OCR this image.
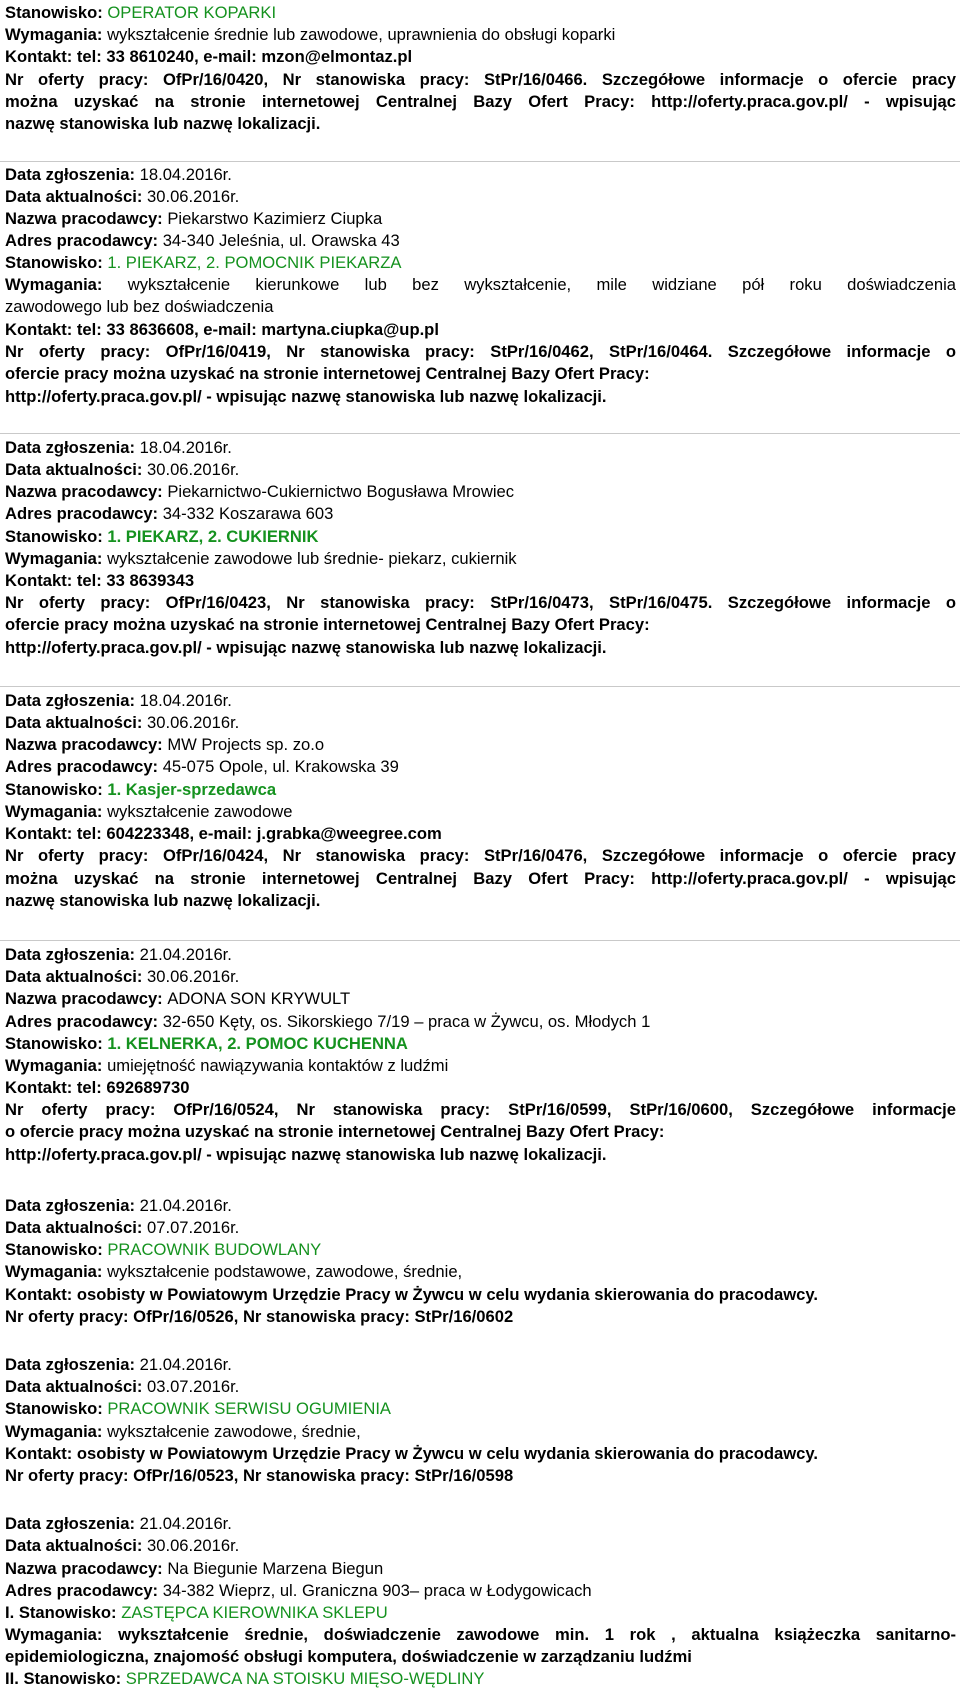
Stanowisko: OPERATOR KOPARKI
Wymagania: wykształcenie średnie lub zawodowe, uprawnienia do obsługi koparki
Kontakt: tel: 33 8610240, e-mail: mzon@elmontaz.pl
Nr oferty pracy: OfPr/16/0420, Nr stanowiska pracy: StPr/16/0466. Szczegółowe informacje o ofercie pracy
można uzyskać na stronie internetowej Centralnej Bazy Ofert Pracy: http://oferty.praca.gov.pl/ - wpisując
nazwę stanowiska lub nazwę lokalizacji.
Data zgłoszenia: 18.04.2016r.
Data aktualności: 30.06.2016r.
Nazwa pracodawcy: Piekarstwo Kazimierz Ciupka
Adres pracodawcy: 34-340 Jeleśnia, ul. Orawska 43
Stanowisko: 1. PIEKARZ, 2. POMOCNIK PIEKARZA
Wymagania: wykształcenie kierunkowe lub bez wykształcenie, mile widziane pół roku doświadczenia
zawodowego lub bez doświadczenia
Kontakt: tel: 33 8636608, e-mail: martyna.ciupka@up.pl
Nr oferty pracy: OfPr/16/0419, Nr stanowiska pracy: StPr/16/0462, StPr/16/0464. Szczegółowe informacje o
ofercie pracy można uzyskać na stronie internetowej Centralnej Bazy Ofert Pracy:
http://oferty.praca.gov.pl/ - wpisując nazwę stanowiska lub nazwę lokalizacji.
Data zgłoszenia: 18.04.2016r.
Data aktualności: 30.06.2016r.
Nazwa pracodawcy: Piekarnictwo-Cukiernictwo Bogusława Mrowiec
Adres pracodawcy: 34-332 Koszarawa 603
Stanowisko: 1. PIEKARZ, 2. CUKIERNIK
Wymagania: wykształcenie zawodowe lub średnie- piekarz, cukiernik
Kontakt: tel: 33 8639343
Nr oferty pracy: OfPr/16/0423, Nr stanowiska pracy: StPr/16/0473, StPr/16/0475. Szczegółowe informacje o
ofercie pracy można uzyskać na stronie internetowej Centralnej Bazy Ofert Pracy:
http://oferty.praca.gov.pl/ - wpisując nazwę stanowiska lub nazwę lokalizacji.
Data zgłoszenia: 18.04.2016r.
Data aktualności: 30.06.2016r.
Nazwa pracodawcy: MW Projects sp. zo.o
Adres pracodawcy: 45-075 Opole, ul. Krakowska 39
Stanowisko: 1. Kasjer-sprzedawca
Wymagania: wykształcenie zawodowe
Kontakt: tel: 604223348, e-mail: j.grabka@weegree.com
Nr oferty pracy: OfPr/16/0424, Nr stanowiska pracy: StPr/16/0476, Szczegółowe informacje o ofercie pracy
można uzyskać na stronie internetowej Centralnej Bazy Ofert Pracy: http://oferty.praca.gov.pl/ - wpisując
nazwę stanowiska lub nazwę lokalizacji.
Data zgłoszenia: 21.04.2016r.
Data aktualności: 30.06.2016r.
Nazwa pracodawcy: ADONA SON KRYWULT
Adres pracodawcy: 32-650 Kęty, os. Sikorskiego 7/19 – praca w Żywcu, os. Młodych 1
Stanowisko: 1. KELNERKA, 2. POMOC KUCHENNA
Wymagania: umiejętność nawiązywania kontaktów z ludźmi
Kontakt: tel: 692689730
Nr oferty pracy: OfPr/16/0524, Nr stanowiska pracy: StPr/16/0599, StPr/16/0600, Szczegółowe informacje
o ofercie pracy można uzyskać na stronie internetowej Centralnej Bazy Ofert Pracy:
http://oferty.praca.gov.pl/ - wpisując nazwę stanowiska lub nazwę lokalizacji.
Data zgłoszenia: 21.04.2016r.
Data aktualności: 07.07.2016r.
Stanowisko: PRACOWNIK BUDOWLANY
Wymagania: wykształcenie podstawowe, zawodowe, średnie,
Kontakt: osobisty w Powiatowym Urzędzie Pracy w Żywcu w celu wydania skierowania do pracodawcy.
Nr oferty pracy: OfPr/16/0526, Nr stanowiska pracy: StPr/16/0602
Data zgłoszenia: 21.04.2016r.
Data aktualności: 03.07.2016r.
Stanowisko: PRACOWNIK SERWISU OGUMIENIA
Wymagania: wykształcenie zawodowe, średnie,
Kontakt: osobisty w Powiatowym Urzędzie Pracy w Żywcu w celu wydania skierowania do pracodawcy.
Nr oferty pracy: OfPr/16/0523, Nr stanowiska pracy: StPr/16/0598
Data zgłoszenia: 21.04.2016r.
Data aktualności: 30.06.2016r.
Nazwa pracodawcy: Na Biegunie Marzena Biegun
Adres pracodawcy: 34-382 Wieprz, ul. Graniczna 903– praca w Łodygowicach
I. Stanowisko: ZASTĘPCA KIEROWNIKA SKLEPU
Wymagania: wykształcenie średnie, doświadczenie zawodowe min. 1 rok , aktualna książeczka sanitarno-
epidemiologiczna, znajomość obsługi komputera, doświadczenie w zarządzaniu ludźmi
II. Stanowisko: SPRZEDAWCA NA STOISKU MIĘSO-WĘDLINY
